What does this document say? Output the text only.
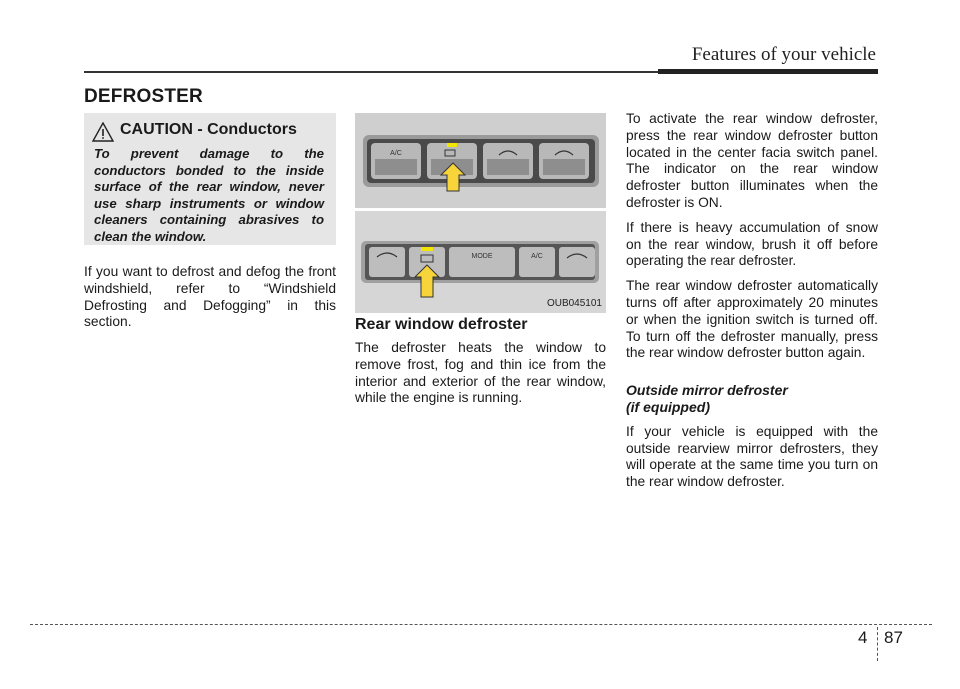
Features of your vehicle
DEFROSTER
CAUTION - Conductors
To prevent damage to the conductors bonded to the inside surface of the rear window, never use sharp instruments or window cleaners containing abrasives to clean the window.

If you want to defrost and defog the front windshield, refer to “Windshield Defrosting and Defogging” in this section.

A/C
MODE	A/C
OUB045101
Rear window defroster

The defroster heats the window to remove frost, fog and thin ice from the interior and exterior of the rear window, while the engine is running.

To activate the rear window defroster, press the rear window defroster button located in the center facia switch panel. The indicator on the rear window defroster button illuminates when the defroster is ON.

If there is heavy accumulation of snow on the rear window, brush it off before operating the rear defroster.

The rear window defroster automatically turns off after approximately 20 minutes or when the ignition switch is turned off. To turn off the defroster manually, press the rear window defroster button again.

Outside mirror defroster
(if equipped)

If your vehicle is equipped with the outside rearview mirror defrosters, they will operate at the same time you turn on the rear window defroster.

4 87
